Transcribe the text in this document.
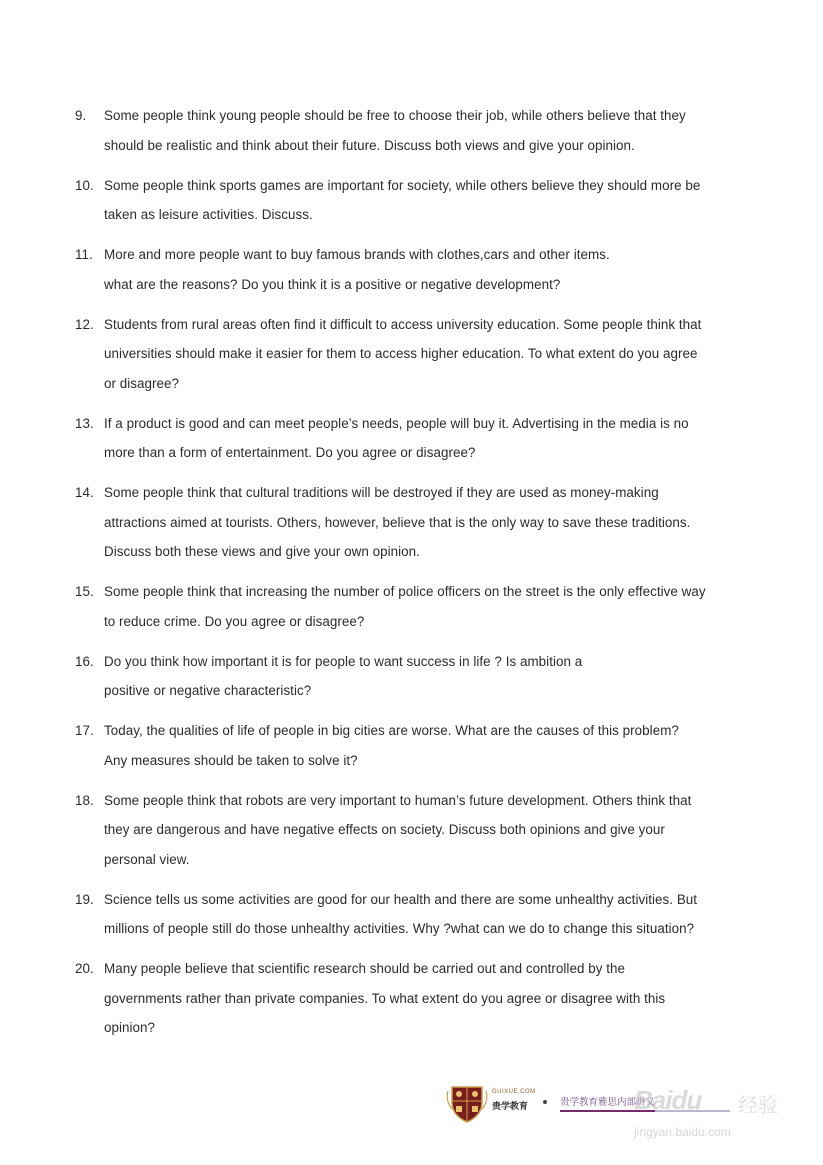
9. Some people think young people should be free to choose their job, while others believe that they
should be realistic and think about their future. Discuss both views and give your opinion.
10. Some people think sports games are important for society, while others believe they should more be
taken as leisure activities. Discuss.
11. More and more people want to buy famous brands with clothes,cars and other items.
what are the reasons? Do you think it is a positive or negative development?
12. Students from rural areas often find it difficult to access university education. Some people think that
universities should make it easier for them to access higher education. To what extent do you agree
or disagree?
13. If a product is good and can meet people’s needs, people will buy it. Advertising in the media is no
more than a form of entertainment. Do you agree or disagree?
14. Some people think that cultural traditions will be destroyed if they are used as money-making
attractions aimed at tourists. Others, however, believe that is the only way to save these traditions.
Discuss both these views and give your own opinion.
15. Some people think that increasing the number of police officers on the street is the only effective way
to reduce crime. Do you agree or disagree?
16. Do you think how important it is for people to want success in life ? Is ambition a
positive or negative characteristic?
17. Today, the qualities of life of people in big cities are worse. What are the causes of this problem?
Any measures should be taken to solve it?
18. Some people think that robots are very important to human’s future development. Others think that
they are dangerous and have negative effects on society. Discuss both opinions and give your
personal view.
19. Science tells us some activities are good for our health and there are some unhealthy activities. But
millions of people still do those unhealthy activities. Why ?what can we do to change this situation?
20. Many people believe that scientific research should be carried out and controlled by the
governments rather than private companies. To what extent do you agree or disagree with this
opinion?
GUIXUE.COM
贵学教育	贵学教育雅思内部讲义
Baidu 经验
jingyan.baidu.com
